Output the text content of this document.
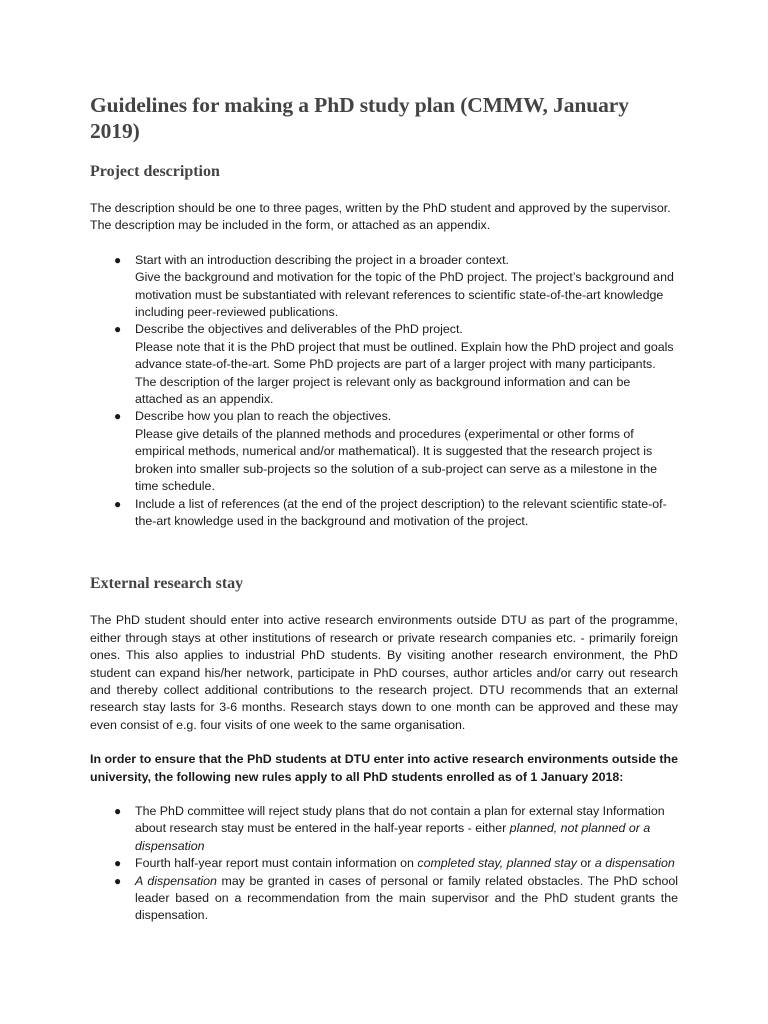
Guidelines for making a PhD study plan (CMMW, January 2019)
Project description

The description should be one to three pages, written by the PhD student and approved by the supervisor. The description may be included in the form, or attached as an appendix.

● Start with an introduction describing the project in a broader context.
Give the background and motivation for the topic of the PhD project. The project’s background and motivation must be substantiated with relevant references to scientific state-of-the-art knowledge including peer-reviewed publications.
● Describe the objectives and deliverables of the PhD project.
Please note that it is the PhD project that must be outlined. Explain how the PhD project and goals advance state-of-the-art. Some PhD projects are part of a larger project with many participants. The description of the larger project is relevant only as background information and can be attached as an appendix.
● Describe how you plan to reach the objectives.
Please give details of the planned methods and procedures (experimental or other forms of empirical methods, numerical and/or mathematical). It is suggested that the research project is broken into smaller sub-projects so the solution of a sub-project can serve as a milestone in the time schedule.
● Include a list of references (at the end of the project description) to the relevant scientific state-of-the-art knowledge used in the background and motivation of the project.
External research stay

The PhD student should enter into active research environments outside DTU as part of the programme, either through stays at other institutions of research or private research companies etc. - primarily foreign ones. This also applies to industrial PhD students. By visiting another research environment, the PhD student can expand his/her network, participate in PhD courses, author articles and/or carry out research and thereby collect additional contributions to the research project. DTU recommends that an external research stay lasts for 3-6 months. Research stays down to one month can be approved and these may even consist of e.g. four visits of one week to the same organisation.

In order to ensure that the PhD students at DTU enter into active research environments outside the university, the following new rules apply to all PhD students enrolled as of 1 January 2018:

● The PhD committee will reject study plans that do not contain a plan for external stay Information about research stay must be entered in the half-year reports - either planned, not planned or a dispensation
● Fourth half-year report must contain information on completed stay, planned stay or a dispensation
● A dispensation may be granted in cases of personal or family related obstacles. The PhD school leader based on a recommendation from the main supervisor and the PhD student grants the dispensation.
